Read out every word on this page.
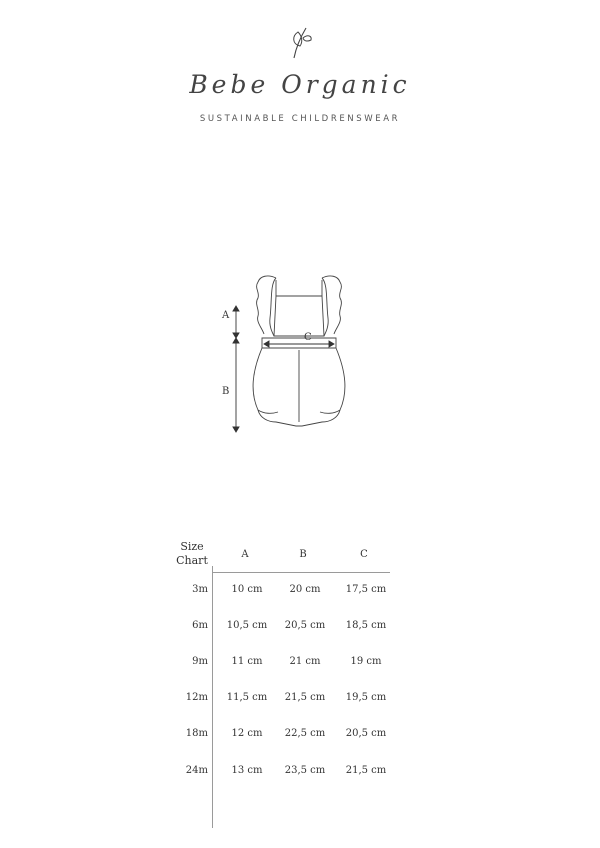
Bebe Organic
SUSTAINABLE CHILDRENSWEAR
A
B
C
Size
Chart	A	B	C
3m	10 cm	20 cm	17,5 cm
6m	10,5 cm	20,5 cm	18,5 cm
9m	11 cm	21 cm	19 cm
12m	11,5 cm	21,5 cm	19,5 cm
18m	12 cm	22,5 cm	20,5 cm
24m	13 cm	23,5 cm	21,5 cm
